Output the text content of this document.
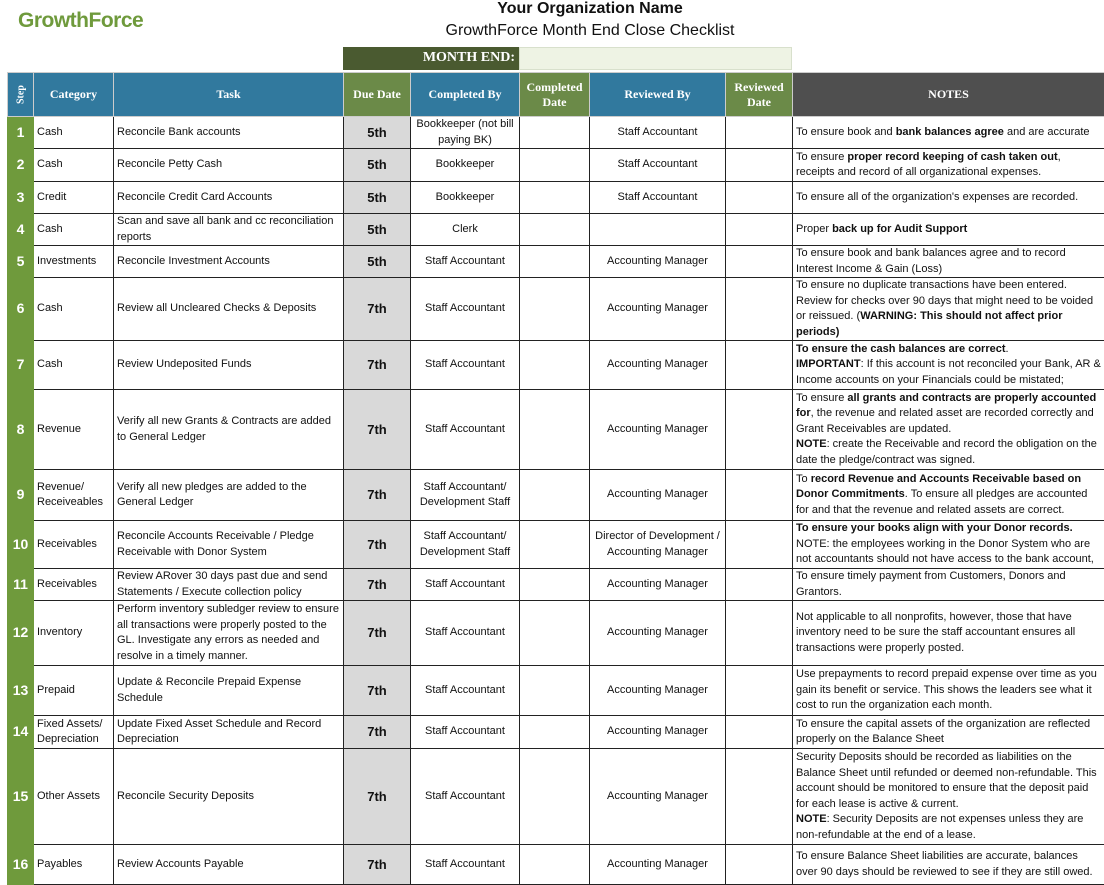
GrowthForce
Your Organization Name
GrowthForce Month End Close Checklist
MONTH END:
Step	Category	Task	Due Date	Completed By	Completed Date	Reviewed By	Reviewed Date	NOTES
1	Cash	Reconcile Bank accounts	5th	Bookkeeper (not bill paying BK)		Staff Accountant		To ensure book and bank balances agree and are accurate
2	Cash	Reconcile Petty Cash	5th	Bookkeeper		Staff Accountant		To ensure proper record keeping of cash taken out, receipts and record of all organizational expenses.
3	Credit	Reconcile Credit Card Accounts	5th	Bookkeeper		Staff Accountant		To ensure all of the organization's expenses are recorded.
4	Cash	Scan and save all bank and cc reconciliation reports	5th	Clerk				Proper back up for Audit Support
5	Investments	Reconcile Investment Accounts	5th	Staff Accountant		Accounting Manager		To ensure book and bank balances agree and to record Interest Income & Gain (Loss)
6	Cash	Review all Uncleared Checks & Deposits	7th	Staff Accountant		Accounting Manager		To ensure no duplicate transactions have been entered. Review for checks over 90 days that might need to be voided or reissued. (WARNING: This should not affect prior periods)
7	Cash	Review Undeposited Funds	7th	Staff Accountant		Accounting Manager		To ensure the cash balances are correct.
IMPORTANT: If this account is not reconciled your Bank, AR & Income accounts on your Financials could be mistated;
8	Revenue	Verify all new Grants & Contracts are added to General Ledger	7th	Staff Accountant		Accounting Manager		To ensure all grants and contracts are properly accounted for, the revenue and related asset are recorded correctly and Grant Receivables are updated.
NOTE: create the Receivable and record the obligation on the date the pledge/contract was signed.
9	Revenue/ Receiveables	Verify all new pledges are added to the General Ledger	7th	Staff Accountant/ Development Staff		Accounting Manager		To record Revenue and Accounts Receivable based on Donor Commitments. To ensure all pledges are accounted for and that the revenue and related assets are correct.
10	Receivables	Reconcile Accounts Receivable / Pledge Receivable with Donor System	7th	Staff Accountant/ Development Staff		Director of Development / Accounting Manager		To ensure your books align with your Donor records. NOTE: the employees working in the Donor System who are not accountants should not have access to the bank account,
11	Receivables	Review ARover 30 days past due and send Statements / Execute collection policy	7th	Staff Accountant		Accounting Manager		To ensure timely payment from Customers, Donors and Grantors.
12	Inventory	Perform inventory subledger review to ensure all transactions were properly posted to the GL. Investigate any errors as needed and resolve in a timely manner.	7th	Staff Accountant		Accounting Manager		Not applicable to all nonprofits, however, those that have inventory need to be sure the staff accountant ensures all transactions were properly posted.
13	Prepaid	Update & Reconcile Prepaid Expense Schedule	7th	Staff Accountant		Accounting Manager		Use prepayments to record prepaid expense over time as you gain its benefit or service. This shows the leaders see what it cost to run the organization each month.
14	Fixed Assets/ Depreciation	Update Fixed Asset Schedule and Record Depreciation	7th	Staff Accountant		Accounting Manager		To ensure the capital assets of the organization are reflected properly on the Balance Sheet
15	Other Assets	Reconcile Security Deposits	7th	Staff Accountant		Accounting Manager		Security Deposits should be recorded as liabilities on the Balance Sheet until refunded or deemed non-refundable. This account should be monitored to ensure that the deposit paid for each lease is active & current.
NOTE: Security Deposits are not expenses unless they are non-refundable at the end of a lease.
16	Payables	Review Accounts Payable	7th	Staff Accountant		Accounting Manager		To ensure Balance Sheet liabilities are accurate, balances over 90 days should be reviewed to see if they are still owed.
